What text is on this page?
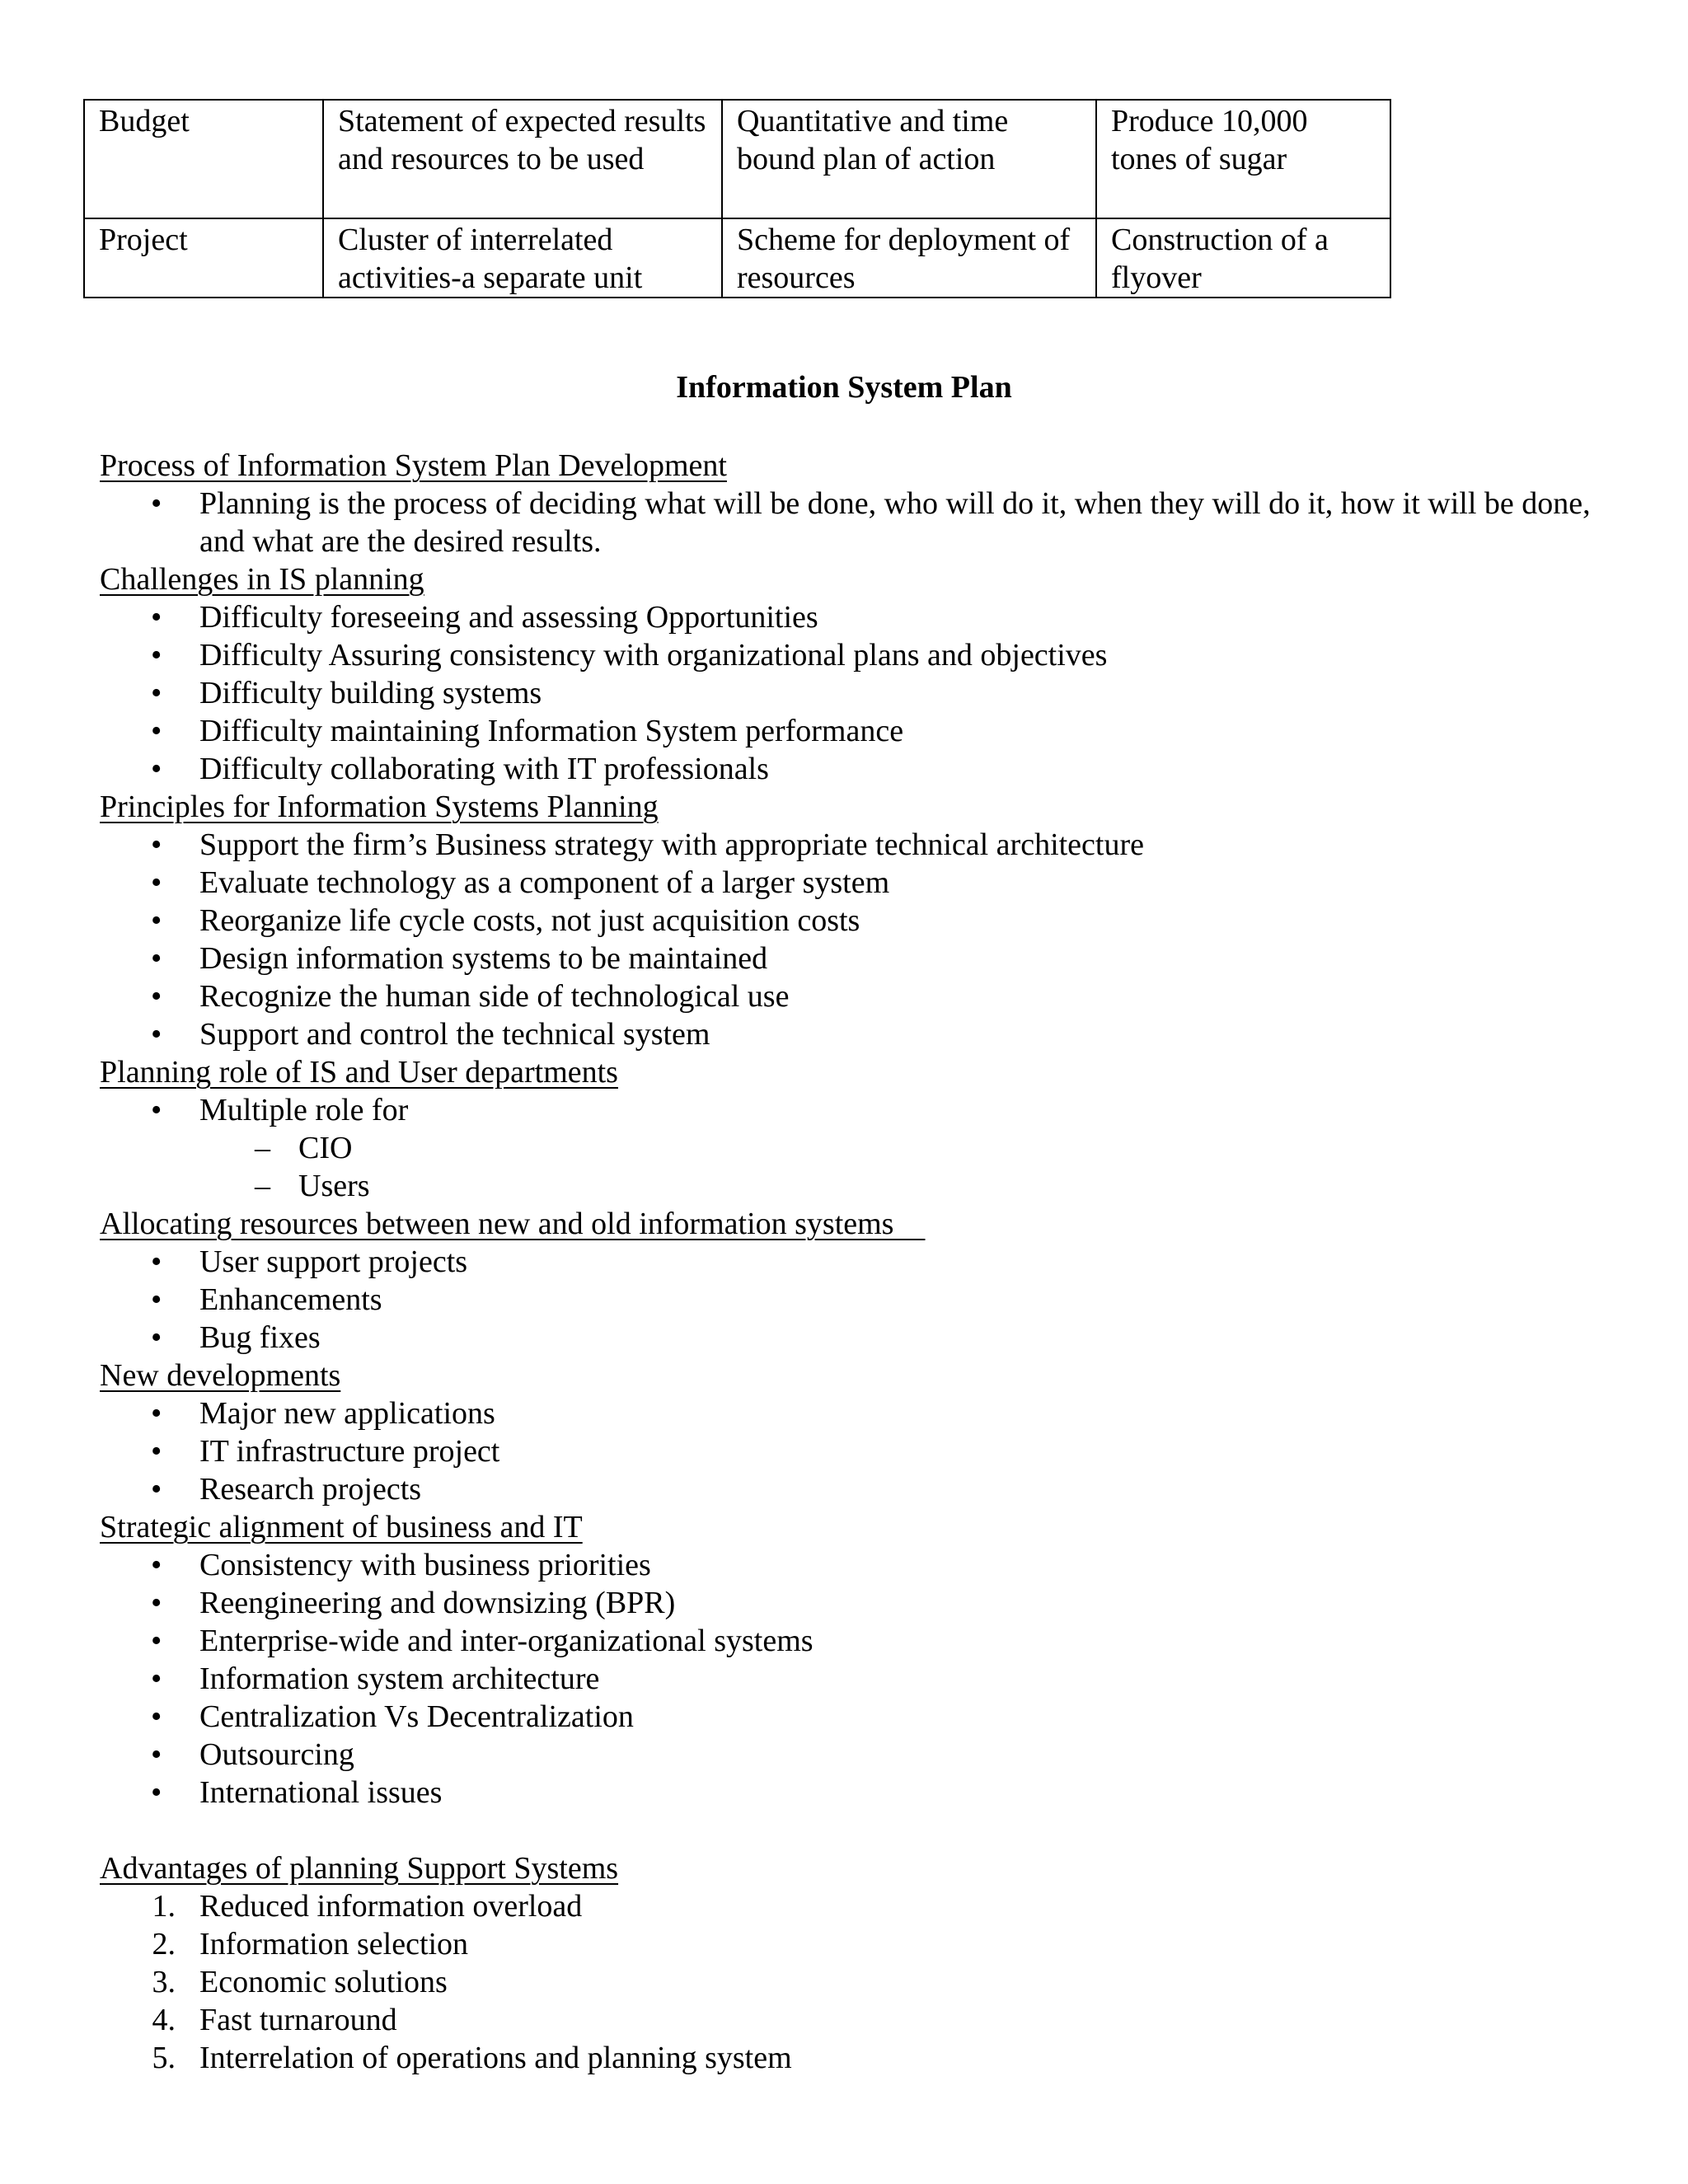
Budget	Statement of expected results and resources to be used	Quantitative and time bound plan of action	Produce 10,000 tones of sugar
Project	Cluster of interrelated activities-a separate unit	Scheme for deployment of resources	Construction of a flyover
Information System Plan
Process of Information System Plan Development
•	Planning is the process of deciding what will be done, who will do it, when they will do it, how it will be done, and what are the desired results.
Challenges in IS planning
•	Difficulty foreseeing and assessing Opportunities
•	Difficulty Assuring consistency with organizational plans and objectives
•	Difficulty building systems
•	Difficulty maintaining Information System performance
•	Difficulty collaborating with IT professionals
Principles for Information Systems Planning
•	Support the firm’s Business strategy with appropriate technical architecture
•	Evaluate technology as a component of a larger system
•	Reorganize life cycle costs, not just acquisition costs
•	Design information systems to be maintained
•	Recognize the human side of technological use
•	Support and control the technical system
Planning role of IS and User departments
•	Multiple role for
– CIO
– Users
Allocating resources between new and old information systems
•	User support projects
•	Enhancements
•	Bug fixes
New developments
•	Major new applications
•	IT infrastructure project
•	Research projects
Strategic alignment of business and IT
•	Consistency with business priorities
•	Reengineering and downsizing (BPR)
•	Enterprise-wide and inter-organizational systems
•	Information system architecture
•	Centralization Vs Decentralization
•	Outsourcing
•	International issues
Advantages of planning Support Systems
1. Reduced information overload
2. Information selection
3. Economic solutions
4. Fast turnaround
5. Interrelation of operations and planning system
